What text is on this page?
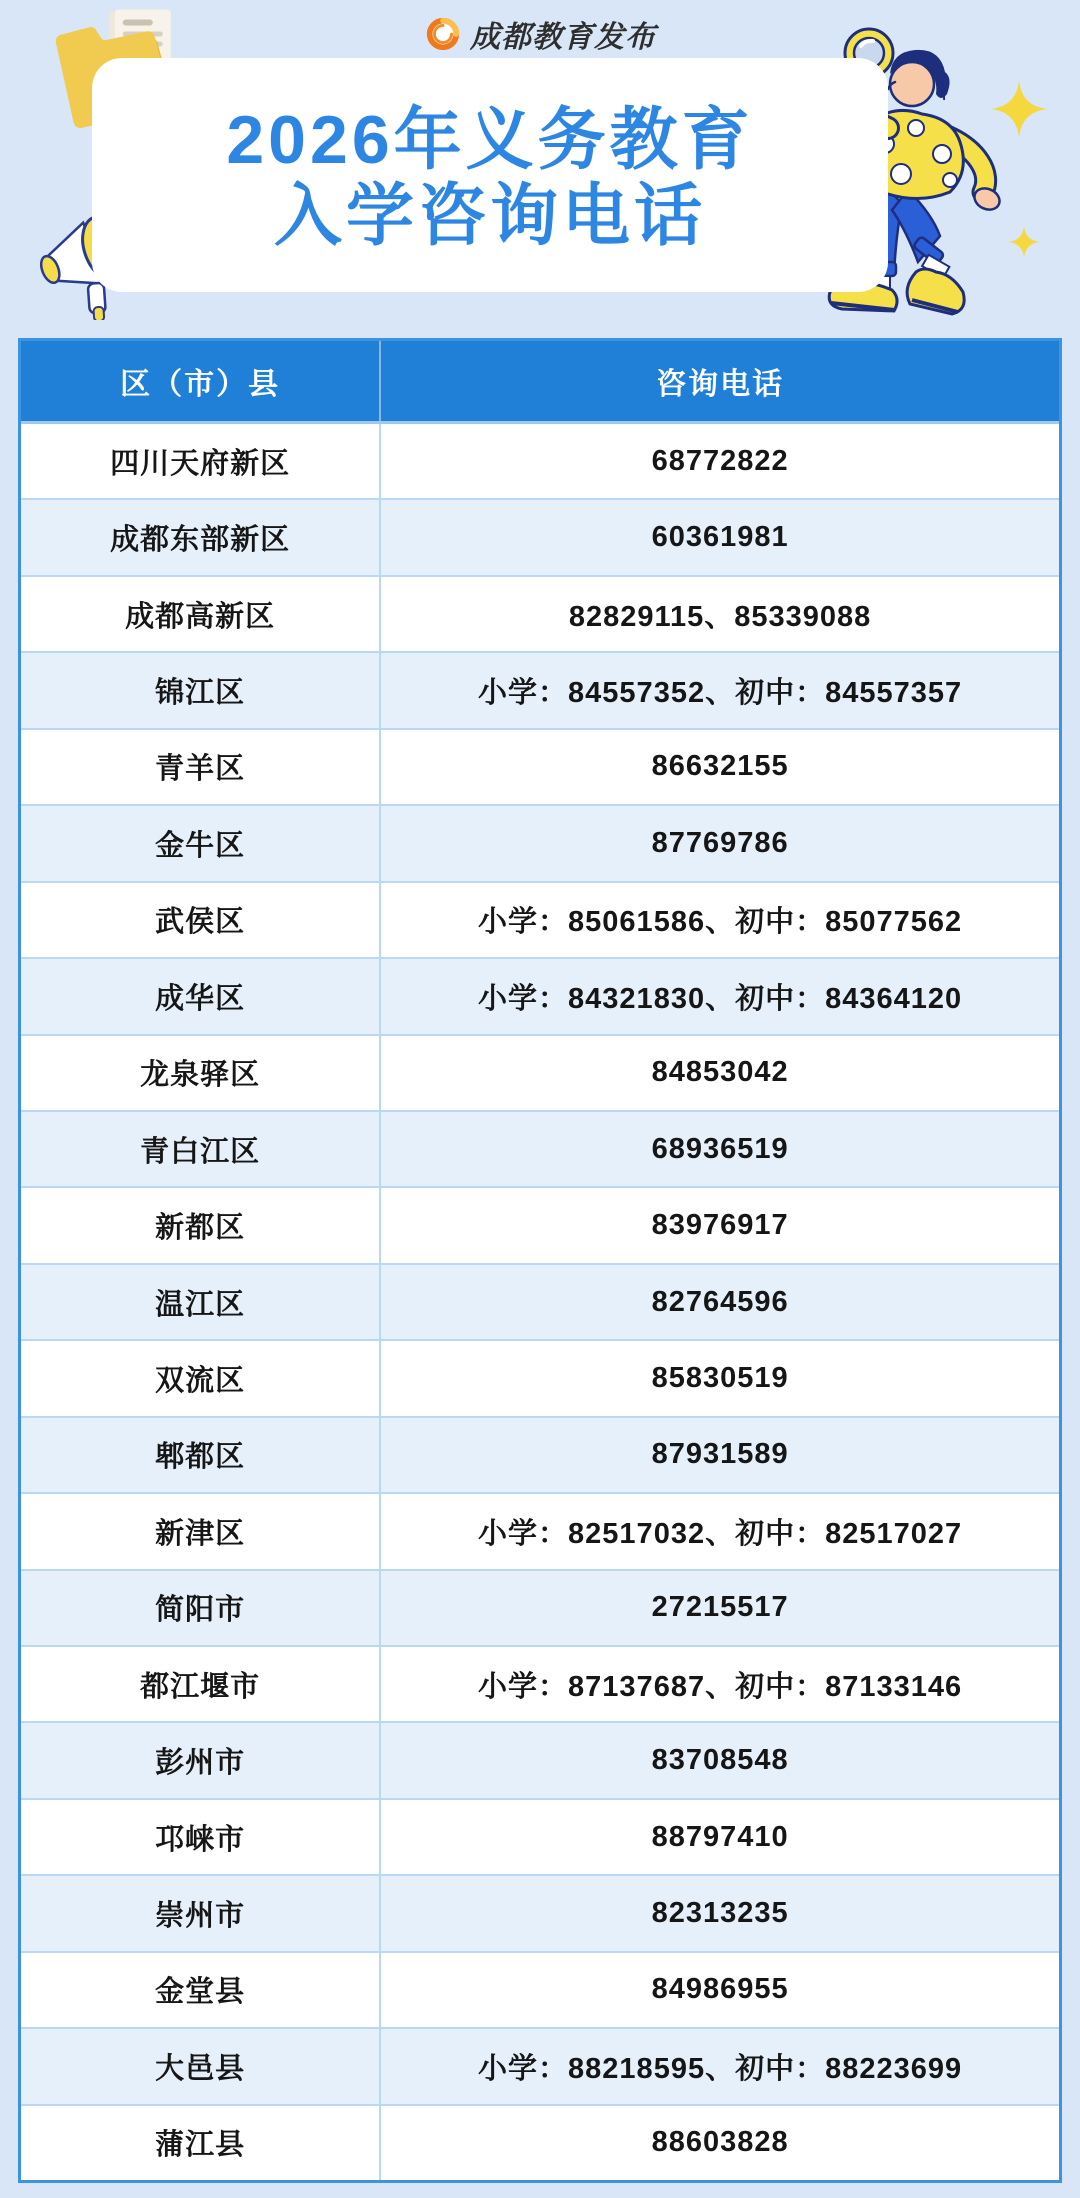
成都教育发布
2026年义务教育
入学咨询电话
区（市）县	咨询电话
四川天府新区	68772822
成都东部新区	60361981
成都高新区	82829115、85339088
锦江区	小学：84557352、初中：84557357
青羊区	86632155
金牛区	87769786
武侯区	小学：85061586、初中：85077562
成华区	小学：84321830、初中：84364120
龙泉驿区	84853042
青白江区	68936519
新都区	83976917
温江区	82764596
双流区	85830519
郫都区	87931589
新津区	小学：82517032、初中：82517027
简阳市	27215517
都江堰市	小学：87137687、初中：87133146
彭州市	83708548
邛崃市	88797410
崇州市	82313235
金堂县	84986955
大邑县	小学：88218595、初中：88223699
蒲江县	88603828
